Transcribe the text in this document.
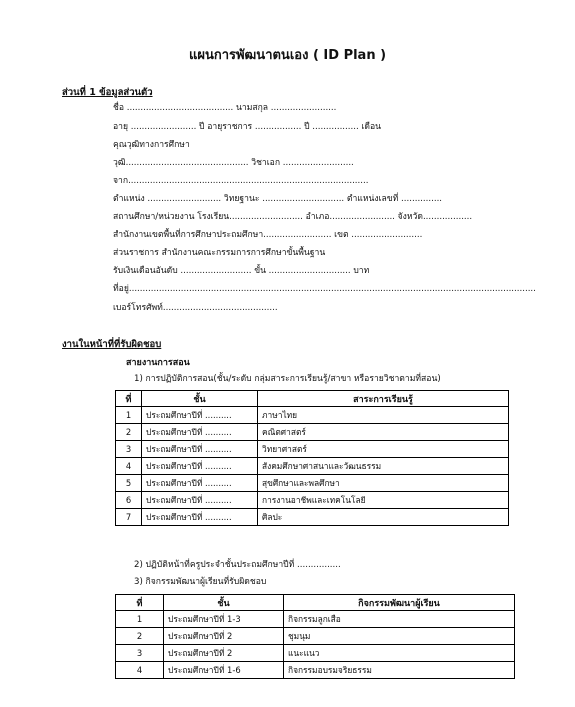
แผนการพัฒนาตนเอง ( ID Plan )
ส่วนที่ 1 ข้อมูลส่วนตัว
ชื่อ ....................................... นามสกุล ........................
อายุ ........................ ปี อายุราชการ ................. ปี ................. เดือน
คุณวุฒิทางการศึกษา
วุฒิ............................................. วิชาเอก ..........................
จาก........................................................................................
ตำแหน่ง ........................... วิทยฐานะ .............................. ตำแหน่งเลขที่ ...............
สถานศึกษา/หน่วยงาน โรงเรียน........................... อำเภอ........................ จังหวัด..................
สำนักงานเขตพื้นที่การศึกษาประถมศึกษา......................... เขต ..........................
ส่วนราชการ สำนักงานคณะกรรมการการศึกษาขั้นพื้นฐาน
รับเงินเดือนอันดับ .......................... ขั้น .............................. บาท
ที่อยู่.....................................................................................................................................................
เบอร์โทรศัพท์..........................................
งานในหน้าที่ที่รับผิดชอบ
สายงานการสอน
1) การปฏิบัติการสอน(ชั้น/ระดับ กลุ่มสาระการเรียนรู้/สาขา หรือรายวิชาตามที่สอน)
ที่	ชั้น	สาระการเรียนรู้
1	ประถมศึกษาปีที่ ..........	ภาษาไทย
2	ประถมศึกษาปีที่ ..........	คณิตศาสตร์
3	ประถมศึกษาปีที่ ..........	วิทยาศาสตร์
4	ประถมศึกษาปีที่ ..........	สังคมศึกษาศาสนาและวัฒนธรรม
5	ประถมศึกษาปีที่ ..........	สุขศึกษาและพลศึกษา
6	ประถมศึกษาปีที่ ..........	การงานอาชีพและเทคโนโลยี
7	ประถมศึกษาปีที่ ..........	ศิลปะ
2) ปฏิบัติหน้าที่ครูประจำชั้นประถมศึกษาปีที่ ................
3) กิจกรรมพัฒนาผู้เรียนที่รับผิดชอบ
ที่	ชั้น	กิจกรรมพัฒนาผู้เรียน
1	ประถมศึกษาปีที่ 1-3	กิจกรรมลูกเสือ
2	ประถมศึกษาปีที่ 2	ชุมนุม
3	ประถมศึกษาปีที่ 2	แนะแนว
4	ประถมศึกษาปีที่ 1-6	กิจกรรมอบรมจริยธรรม
